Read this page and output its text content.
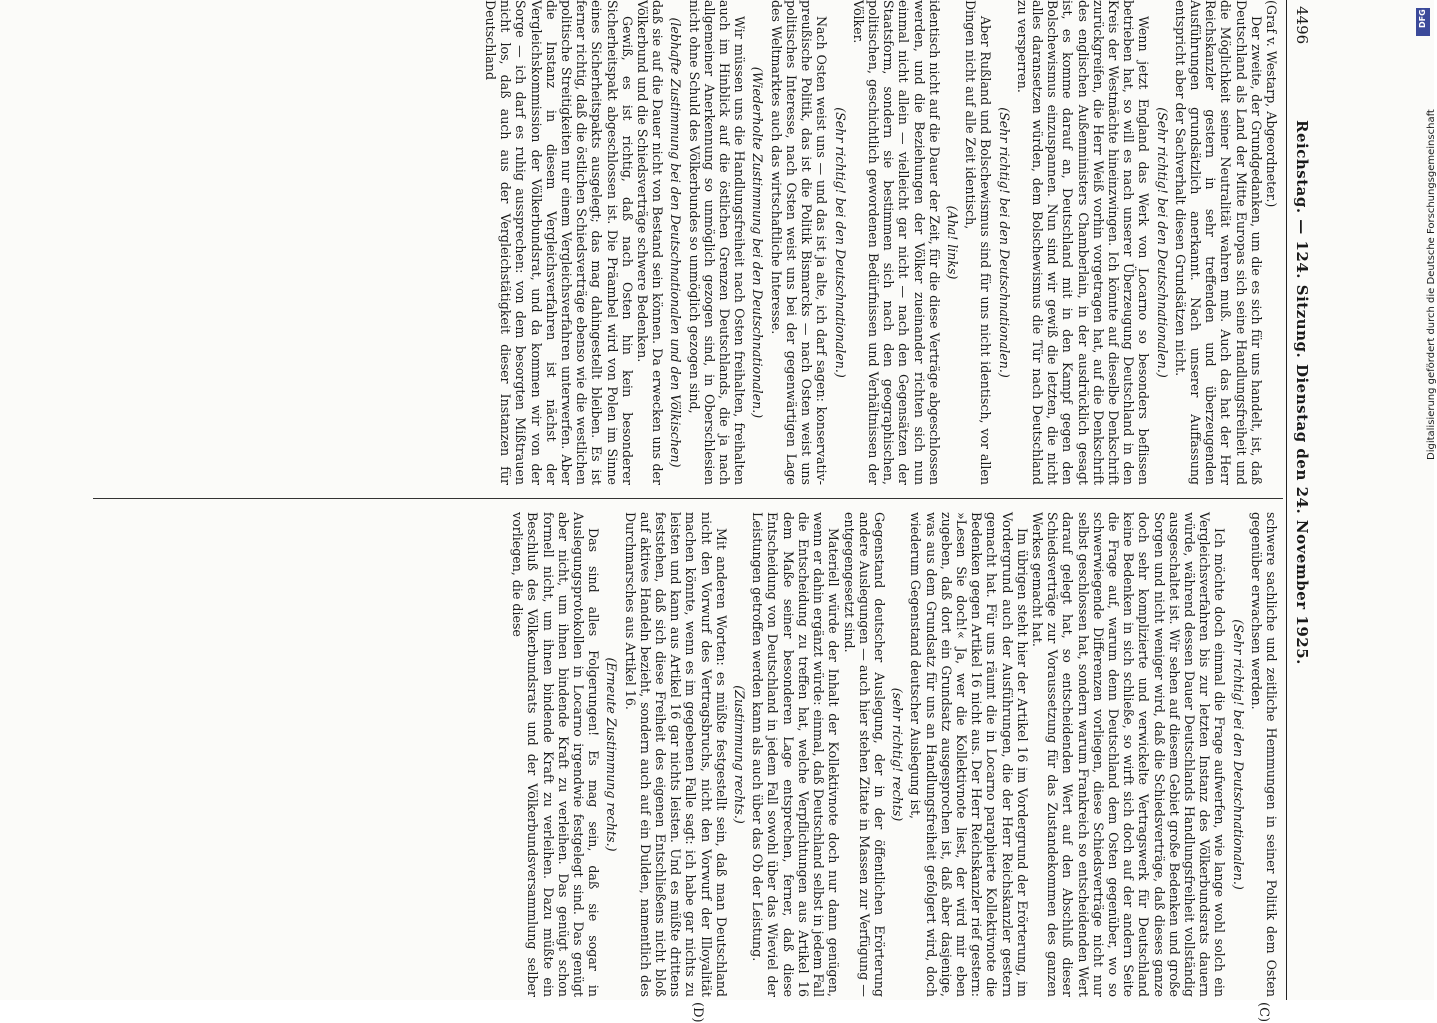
4496
Reichstag. — 124. Sitzung. Dienstag den 24. November 1925.

(Graf v. Westarp, Abgeordneter.)

Der zweite, der Grundgedanken, um die es sich für uns handelt, ist, daß Deutschland als Land der Mitte Europas sich seine Handlungsfreiheit und die Möglichkeit seiner Neutralität wahren muß. Auch das hat der Herr Reichskanzler gestern in sehr treffenden und überzeugenden Ausführungen grundsätzlich anerkannt. Nach unserer Auffassung entspricht aber der Sachverhalt diesen Grundsätzen nicht.

(Sehr richtig! bei den Deutschnationalen.)

Wenn jetzt England das Werk von Locarno so besonders beflissen betrieben hat, so will es nach unserer Überzeugung Deutschland in den Kreis der Westmächte hineinzwingen. Ich könnte auf dieselbe Denkschrift zurückgreifen, die Herr Weiß vorhin vorgetragen hat, auf die Denkschrift des englischen Außenministers Chamberlain, in der ausdrücklich gesagt ist, es komme darauf an, Deutschland mit in den Kampf gegen den Bolschewismus einzuspannen. Nun sind wir gewiß die letzten, die nicht alles daransetzen würden, dem Bolschewismus die Tür nach Deutschland zu versperren.

(Sehr richtig! bei den Deutschnationalen.)

Aber Rußland und Bolschewismus sind für uns nicht identisch, vor allen Dingen nicht auf alle Zeit identisch,

(Aha! links)

identisch nicht auf die Dauer der Zeit, für die diese Verträge abgeschlossen werden, und die Beziehungen der Völker zueinander richten sich nun einmal nicht allein — vielleicht gar nicht — nach den Gegensätzen der Staatsform, sondern sie bestimmen sich nach den geographischen, politischen, geschichtlich gewordenen Bedürfnissen und Verhältnissen der Völker.

(Sehr richtig! bei den Deutschnationalen.)

Nach Osten weist uns — und das ist ja alte, ich darf sagen: konservativ-preußische Politik, das ist die Politik Bismarcks — nach Osten weist uns politisches Interesse, nach Osten weist uns bei der gegenwärtigen Lage des Weltmarktes auch das wirtschaftliche Interesse.

(Wiederholte Zustimmung bei den Deutschnationalen.)

Wir müssen uns die Handlungsfreiheit nach Osten freihalten, freihalten auch im Hinblick auf die östlichen Grenzen Deutschlands, die ja nach allgemeiner Anerkennung so unmöglich gezogen sind, in Oberschlesien nicht ohne Schuld des Völkerbundes so unmöglich gezogen sind,

(lebhafte Zustimmung bei den Deutschnationalen und den Völkischen)

daß sie auf die Dauer nicht von Bestand sein können. Da erwecken uns der Völkerbund und die Schiedsverträge schwere Bedenken.

Gewiß, es ist richtig, daß nach Osten hin kein besonderer Sicherheitspakt abgeschlossen ist. Die Präambel wird von Polen im Sinne eines Sicherheitspakts ausgelegt; das mag dahingestellt bleiben. Es ist ferner richtig, daß die östlichen Schiedsverträge ebenso wie die westlichen politische Streitigkeiten nur einem Vergleichsverfahren unterwerfen. Aber die Instanz in diesem Vergleichsverfahren ist nächst der Vergleichskommission der Völkerbundsrat, und da kommen wir von der Sorge — ich darf es ruhig aussprechen: von dem besorgten Mißtrauen nicht los, daß auch aus der Vergleichstätigkeit dieser Instanzen für Deutschland

schwere sachliche und zeitliche Hemmungen in seiner Politik dem Osten gegenüber erwachsen werden.

(Sehr richtig! bei den Deutschnationalen.)

Ich möchte doch einmal die Frage aufwerfen, wie lange wohl solch ein Vergleichsverfahren bis zur letzten Instanz des Völkerbundsrats dauern würde, während dessen Dauer Deutschlands Handlungsfreiheit vollständig ausgeschaltet ist. Wir sehen auf diesem Gebiet große Bedenken und große Sorgen und nicht weniger wird, daß die Schiedsverträge, daß dieses ganze doch sehr komplizierte und verwickelte Vertragswerk für Deutschland keine Bedenken in sich schließe, so wirft sich doch auf der andern Seite die Frage auf, warum denn Deutschland dem Osten gegenüber, wo so schwerwiegende Differenzen vorliegen, diese Schiedsverträge nicht nur selbst geschlossen hat, sondern warum Frankreich so entscheidenden Wert darauf gelegt hat, so entscheidenden Wert auf den Abschluß dieser Schiedsverträge zur Voraussetzung für das Zustandekommen des ganzen Werkes gemacht hat.

Im übrigen steht hier der Artikel 16 im Vordergrund der Erörterung, im Vordergrund auch der Ausführungen, die der Herr Reichskanzler gestern gemacht hat. Für uns räumt die in Locarno paraphierte Kollektivnote die Bedenken gegen Artikel 16 nicht aus. Der Herr Reichskanzler rief gestern: »Lesen Sie doch!« Ja, wer die Kollektivnote liest, der wird mir eben zugeben, daß dort ein Grundsatz ausgesprochen ist, daß aber dasjenige, was aus dem Grundsatz für uns an Handlungsfreiheit gefolgert wird, doch wiederum Gegenstand deutscher Auslegung ist,

(sehr richtig! rechts)

Gegenstand deutscher Auslegung, der in der öffentlichen Erörterung andere Auslegungen — auch hier stehen Zitate in Massen zur Verfügung — entgegengesetzt sind.

Materiell würde der Inhalt der Kollektivnote doch nur dann genügen, wenn er dahin ergänzt würde: einmal, daß Deutschland selbst in jedem Fall die Entscheidung zu treffen hat, welche Verpflichtungen aus Artikel 16 dem Maße seiner besonderen Lage entsprechen, ferner, daß diese Entscheidung von Deutschland in jedem Fall sowohl über das Wieviel der Leistungen getroffen werden kann als auch über das Ob der Leistung.

(Zustimmung rechts.)

Mit anderen Worten: es müßte festgestellt sein, daß man Deutschland nicht den Vorwurf des Vertragsbruchs, nicht den Vorwurf der Illoyalität machen könnte, wenn es im gegebenen Falle sagt: ich habe gar nichts zu leisten und kann aus Artikel 16 gar nichts leisten. Und es müßte drittens feststehen, daß sich diese Freiheit des eigenen Entschließens nicht bloß auf aktives Handeln bezieht, sondern auch auf ein Dulden, namentlich des Durchmarsches aus Artikel 16.

(Erneute Zustimmung rechts.)

Das sind alles Folgerungen! Es mag sein, daß sie sogar in Auslegungsprotokollen in Locarno irgendwie festgelegt sind. Das genügt aber nicht, um ihnen bindende Kraft zu verleihen. Das genügt schon formell nicht, um ihnen bindende Kraft zu verleihen. Dazu müßte ein Beschluß des Völkerbundsrats und der Völkerbundsversammlung selber vorliegen, die diese

(C)
(D)
Digitalisierung gefördert durch die Deutsche Forschungsgemeinschaft
DFG
